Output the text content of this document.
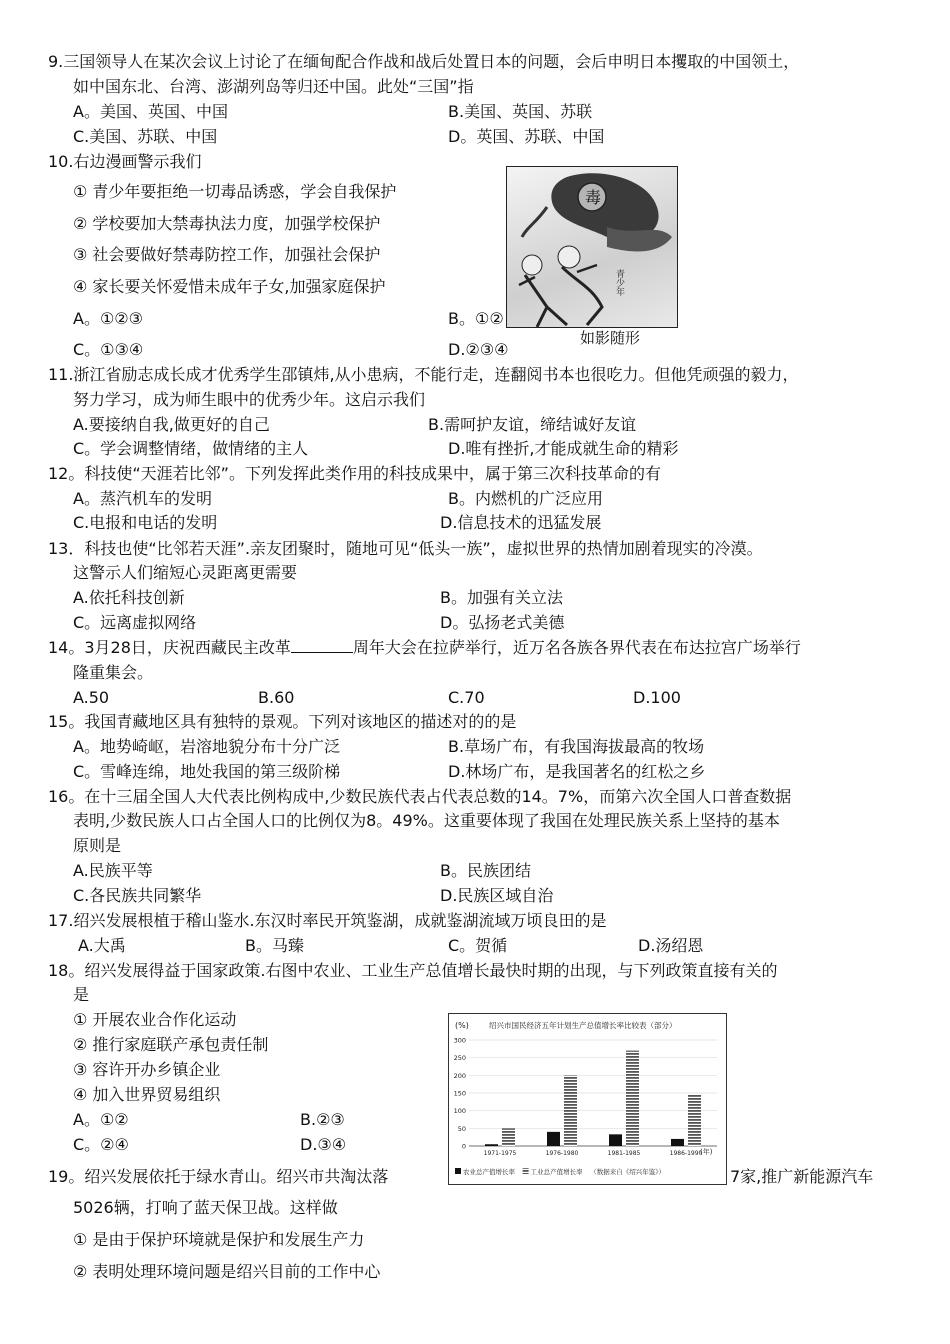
9.三国领导人在某次会议上讨论了在缅甸配合作战和战后处置日本的问题，会后申明日本攫取的中国领土，
如中国东北、台湾、澎湖列岛等归还中国。此处“三国”指
A。美国、英国、中国	B.美国、英国、苏联
C.美国、苏联、中国	D。英国、苏联、中国
10.右边漫画警示我们
① 青少年要拒绝一切毒品诱惑，学会自我保护
② 学校要加大禁毒执法力度，加强学校保护
③ 社会要做好禁毒防控工作，加强社会保护
④ 家长要关怀爱惜未成年子女,加强家庭保护
A。①②③	B。①②
C。①③④	D.②③④
毒
青少年
如影随形
11.浙江省励志成长成才优秀学生邵镇炜,从小患病，不能行走，连翻阅书本也很吃力。但他凭顽强的毅力，
努力学习，成为师生眼中的优秀少年。这启示我们
A.要接纳自我,做更好的自己	B.需呵护友谊，缔结诚好友谊
C。学会调整情绪，做情绪的主人	D.唯有挫折,才能成就生命的精彩
12。科技使“天涯若比邻”。下列发挥此类作用的科技成果中，属于第三次科技革命的有
A。蒸汽机车的发明	B。内燃机的广泛应用
C.电报和电话的发明	D.信息技术的迅猛发展
13．科技也使“比邻若天涯”.亲友团聚时，随地可见“低头一族”，虚拟世界的热情加剧着现实的冷漠。
这警示人们缩短心灵距离更需要
A.依托科技创新	B。加强有关立法
C。远离虚拟网络	D。弘扬老式美德
14。3月28日，庆祝西藏民主改革	周年大会在拉萨举行，近万名各族各界代表在布达拉宫广场举行
隆重集会。
A.50	B.60	C.70	D.100
15。我国青藏地区具有独特的景观。下列对该地区的描述对的的是
A。地势崎岖，岩溶地貌分布十分广泛	B.草场广布，有我国海拔最高的牧场
C。雪峰连绵，地处我国的第三级阶梯	D.林场广布，是我国著名的红松之乡
16。在十三届全国人大代表比例构成中,少数民族代表占代表总数的14。7%，而第六次全国人口普查数据
表明,少数民族人口占全国人口的比例仅为8。49%。这重要体现了我国在处理民族关系上坚持的基本
原则是
A.民族平等	B。民族团结
C.各民族共同繁华	D.民族区域自治
17.绍兴发展根植于稽山鉴水.东汉时率民开筑鉴湖，成就鉴湖流域万顷良田的是
A.大禹	B。马臻	C。贺循	D.汤绍恩
18。绍兴发展得益于国家政策.右图中农业、工业生产总值增长最快时期的出现，与下列政策直接有关的
是
① 开展农业合作化运动
② 推行家庭联产承包责任制
③ 容许开办乡镇企业
④ 加入世界贸易组织
A。①②	B.②③
C。②④	D.③④
(%)	绍兴市国民经济五年计划生产总值增长率比较表（部分）
300
250
200
150
100
50
0
1971-1975	1976-1980	1981-1985	1986-1990
(年)
农业总产值增长率 工业总产值增长率 （数据来自《绍兴年鉴》）
19。绍兴发展依托于绿水青山。绍兴市共淘汰落	7家,推广新能源汽车
5026辆，打响了蓝天保卫战。这样做
① 是由于保护环境就是保护和发展生产力
② 表明处理环境问题是绍兴目前的工作中心
